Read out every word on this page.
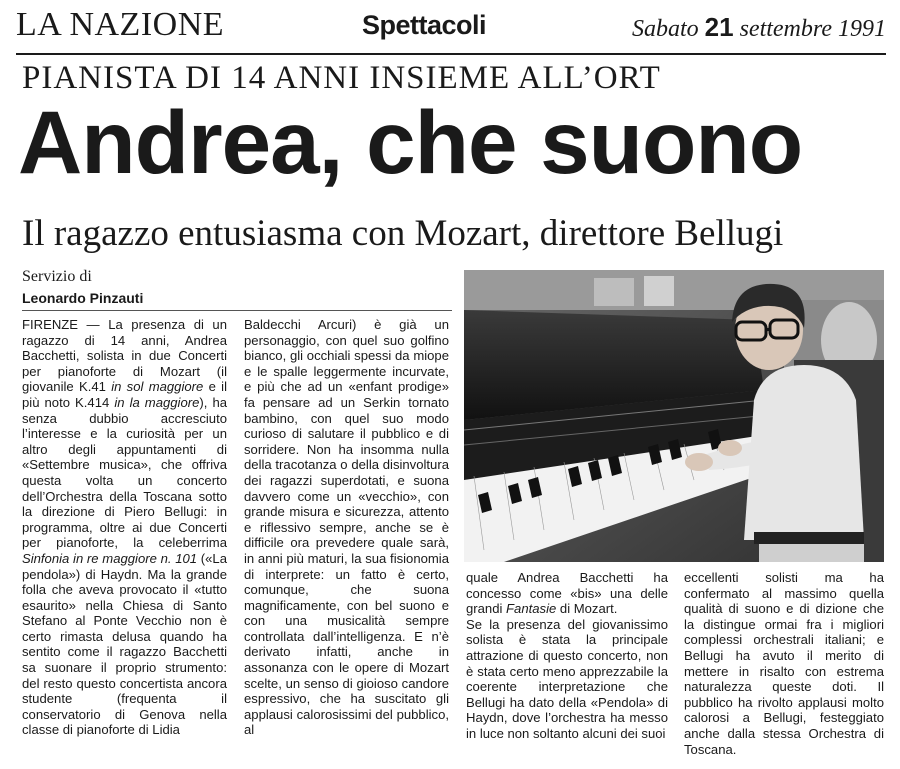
LA NAZIONE	Spettacoli	Sabato 21 settembre 1991
PIANISTA DI 14 ANNI INSIEME ALL’ORT
Andrea, che suono
Il ragazzo entusiasma con Mozart, direttore Bellugi
Servizio di
Leonardo Pinzauti

FIRENZE — La presenza di un ragazzo di 14 anni, Andrea Bacchetti, solista in due Concerti per pianoforte di Mozart (il giovanile K.41 in sol maggiore e il più noto K.414 in la maggiore), ha senza dubbio accresciuto l’interesse e la curiosità per un altro degli appuntamenti di «Settembre musica», che offriva questa volta un concerto dell’Orchestra della Toscana sotto la direzione di Piero Bellugi: in programma, oltre ai due Concerti per pianoforte, la celeberrima Sinfonia in re maggiore n. 101 («La pendola») di Haydn. Ma la grande folla che aveva provocato il «tutto esaurito» nella Chiesa di Santo Stefano al Ponte Vecchio non è certo rimasta delusa quando ha sentito come il ragazzo Bacchetti sa suonare il proprio strumento: del resto questo concertista ancora studente (frequenta il conservatorio di Genova nella classe di pianoforte di Lidia

Baldecchi Arcuri) è già un personaggio, con quel suo golfino bianco, gli occhiali spessi da miope e le spalle leggermente incurvate, e più che ad un «enfant prodige» fa pensare ad un Serkin tornato bambino, con quel suo modo curioso di salutare il pubblico e di sorridere. Non ha insomma nulla della tracotanza o della disinvoltura dei ragazzi superdotati, e suona davvero come un «vecchio», con grande misura e sicurezza, attento e riflessivo sempre, anche se è difficile ora prevedere quale sarà, in anni più maturi, la sua fisionomia di interprete: un fatto è certo, comunque, che suona magnificamente, con bel suono e con una musicalità sempre controllata dall’intelligenza. E n’è derivato infatti, anche in assonanza con le opere di Mozart scelte, un senso di gioioso candore espressivo, che ha suscitato gli applausi calorosissimi del pubblico, al

quale Andrea Bacchetti ha concesso come «bis» una delle grandi Fantasie di Mozart.

Se la presenza del giovanissimo solista è stata la principale attrazione di questo concerto, non è stata certo meno apprezzabile la coerente interpretazione che Bellugi ha dato della «Pendola» di Haydn, dove l’orchestra ha messo in luce non soltanto alcuni dei suoi

eccellenti solisti ma ha confermato al massimo quella qualità di suono e di dizione che la distingue ormai fra i migliori complessi orchestrali italiani; e Bellugi ha avuto il merito di mettere in risalto con estrema naturalezza queste doti. Il pubblico ha rivolto applausi molto calorosi a Bellugi, festeggiato anche dalla stessa Orchestra di Toscana.
